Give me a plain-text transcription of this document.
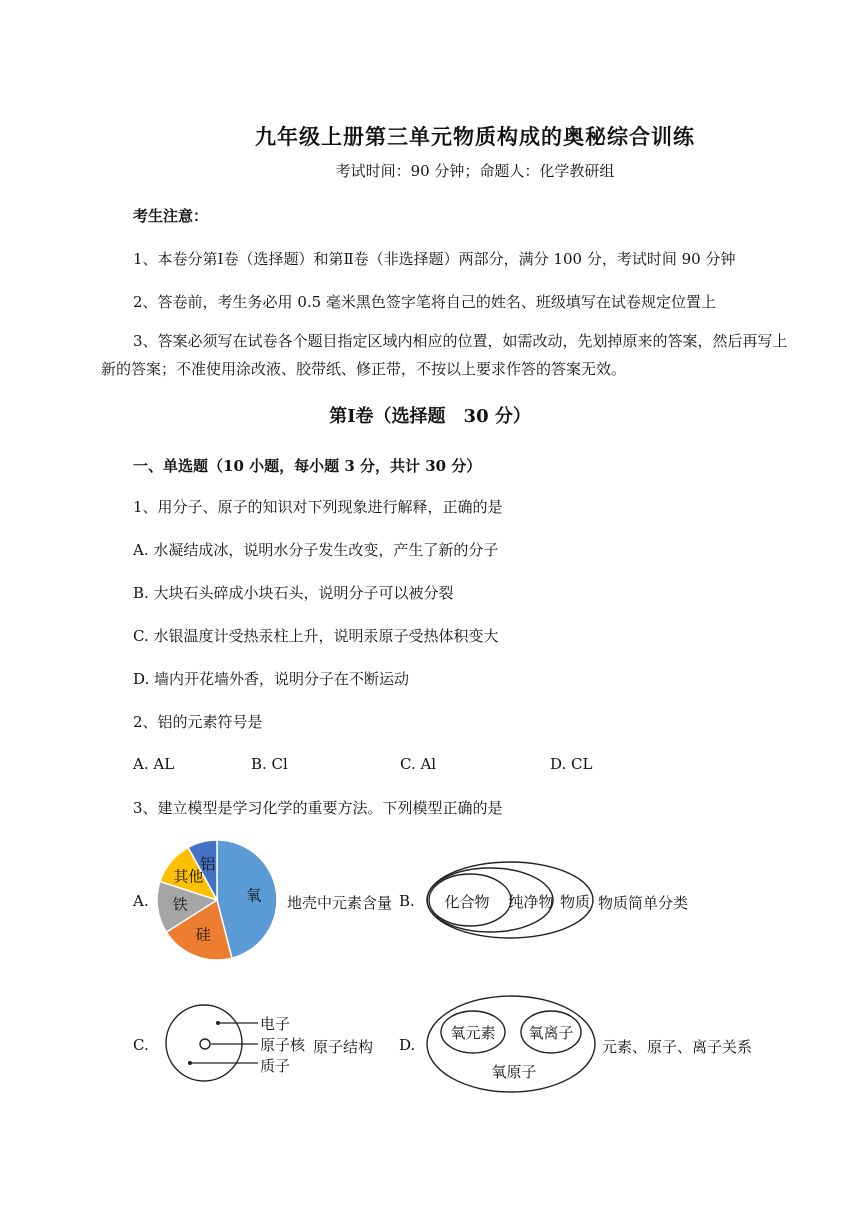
九年级上册第三单元物质构成的奥秘综合训练
考试时间：90 分钟；命题人：化学教研组
考生注意：
1、本卷分第Ⅰ卷（选择题）和第Ⅱ卷（非选择题）两部分，满分 100 分，考试时间 90 分钟
2、答卷前，考生务必用 0.5 毫米黑色签字笔将自己的姓名、班级填写在试卷规定位置上
3、答案必须写在试卷各个题目指定区域内相应的位置，如需改动，先划掉原来的答案，然后再写上新的答案；不准使用涂改液、胶带纸、修正带，不按以上要求作答的答案无效。
第Ⅰ卷（选择题　30 分）
一、单选题（10 小题，每小题 3 分，共计 30 分）
1、用分子、原子的知识对下列现象进行解释，正确的是
A. 水凝结成冰，说明水分子发生改变，产生了新的分子
B. 大块石头碎成小块石头，说明分子可以被分裂
C. 水银温度计受热汞柱上升，说明汞原子受热体积变大
D. 墙内开花墙外香，说明分子在不断运动
2、铝的元素符号是
A. AL	B. Cl	C. Al	D. CL
3、建立模型是学习化学的重要方法。下列模型正确的是
A.	氧
硅
铁
其他
铝
地壳中元素含量 B. 化合物 纯净物 物质 物质简单分类
C.
电子
原子核
质子
原子结构 D.
氧元素 氧离子
氧原子
元素、原子、离子关系
